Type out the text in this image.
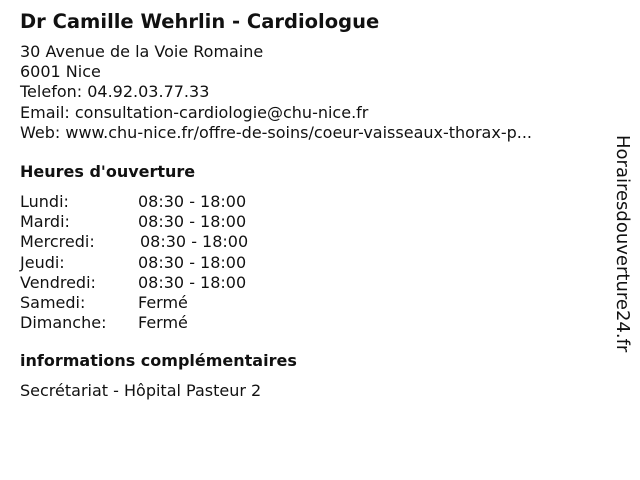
Dr Camille Wehrlin - Cardiologue
30 Avenue de la Voie Romaine
6001 Nice
Telefon: 04.92.03.77.33
Email: consultation-cardiologie@chu-nice.fr
Web: www.chu-nice.fr/offre-de-soins/coeur-vaisseaux-thorax-p...
Heures d'ouverture
Lundi:	08:30 - 18:00
Mardi:	08:30 - 18:00
Mercredi:	08:30 - 18:00
Jeudi:	08:30 - 18:00
Vendredi:	08:30 - 18:00
Samedi:	Fermé
Dimanche:	Fermé
informations complémentaires
Secrétariat - Hôpital Pasteur 2
Horairesdouverture24.fr
